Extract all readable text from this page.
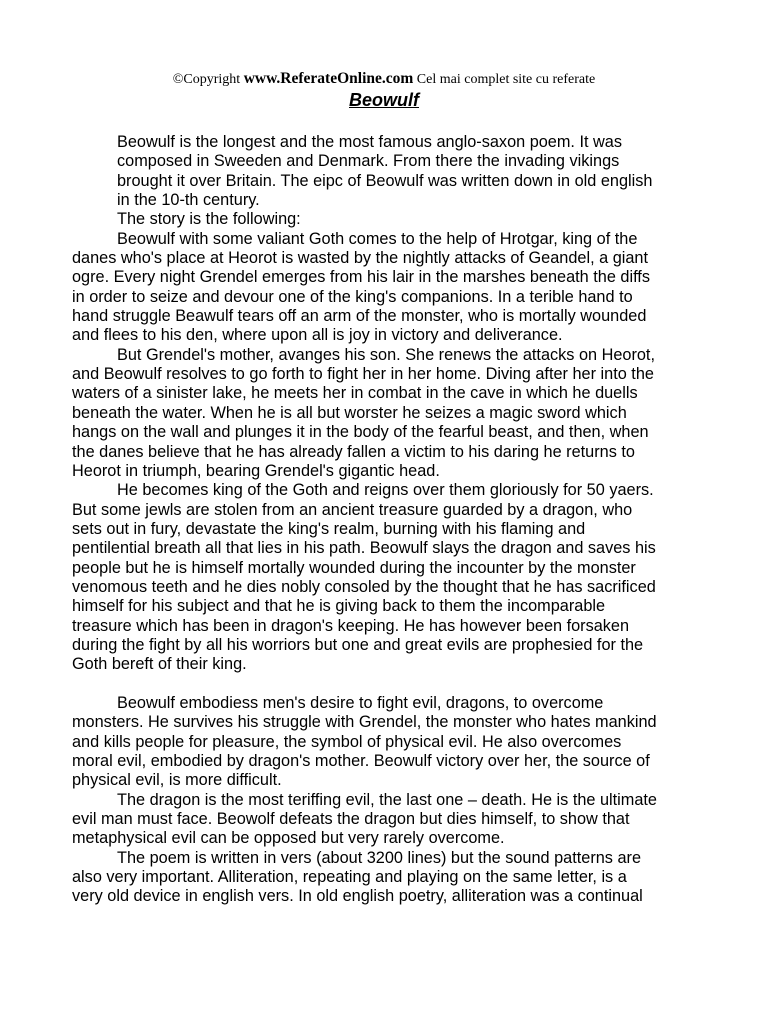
©Copyright www.ReferateOnline.com Cel mai complet site cu referate
Beowulf
Beowulf is the longest and the most famous anglo-saxon poem. It was
composed in Sweeden and Denmark. From there the invading vikings
brought it over Britain. The eipc of Beowulf was written down in old english
in the 10-th century.
The story is the following:
Beowulf with some valiant Goth comes to the help of Hrotgar, king of the
danes who's place at Heorot is wasted by the nightly attacks of Geandel, a giant
ogre. Every night Grendel emerges from his lair in the marshes beneath the diffs
in order to seize and devour one of the king's companions. In a terible hand to
hand struggle Beawulf tears off an arm of the monster, who is mortally wounded
and flees to his den, where upon all is joy in victory and deliverance.
But Grendel's mother, avanges his son. She renews the attacks on Heorot,
and Beowulf resolves to go forth to fight her in her home. Diving after her into the
waters of a sinister lake, he meets her in combat in the cave in which he duells
beneath the water. When he is all but worster he seizes a magic sword which
hangs on the wall and plunges it in the body of the fearful beast, and then, when
the danes believe that he has already fallen a victim to his daring he returns to
Heorot in triumph, bearing Grendel's gigantic head.
He becomes king of the Goth and reigns over them gloriously for 50 yaers.
But some jewls are stolen from an ancient treasure guarded by a dragon, who
sets out in fury, devastate the king's realm, burning with his flaming and
pentilential breath all that lies in his path. Beowulf slays the dragon and saves his
people but he is himself mortally wounded during the incounter by the monster
venomous teeth and he dies nobly consoled by the thought that he has sacrificed
himself for his subject and that he is giving back to them the incomparable
treasure which has been in dragon's keeping. He has however been forsaken
during the fight by all his worriors but one and great evils are prophesied for the
Goth bereft of their king.
Beowulf embodiess men's desire to fight evil, dragons, to overcome
monsters. He survives his struggle with Grendel, the monster who hates mankind
and kills people for pleasure, the symbol of physical evil. He also overcomes
moral evil, embodied by dragon's mother. Beowulf victory over her, the source of
physical evil, is more difficult.
The dragon is the most teriffing evil, the last one – death. He is the ultimate
evil man must face. Beowolf defeats the dragon but dies himself, to show that
metaphysical evil can be opposed but very rarely overcome.
The poem is written in vers (about 3200 lines) but the sound patterns are
also very important. Alliteration, repeating and playing on the same letter, is a
very old device in english vers. In old english poetry, alliteration was a continual
